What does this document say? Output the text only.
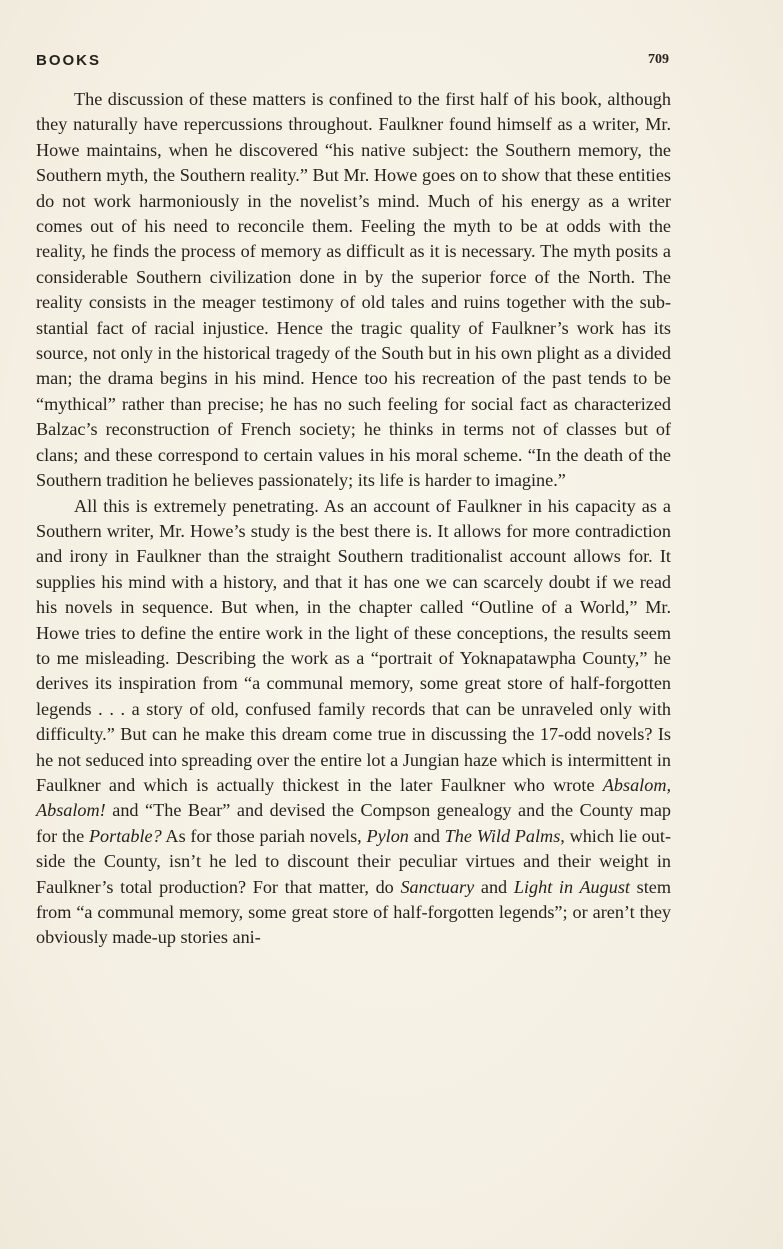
BOOKS	709

The discussion of these matters is confined to the first half of his book, although they naturally have repercussions throughout. Faulkner found himself as a writer, Mr. Howe maintains, when he discovered “his native subject: the Southern memory, the Southern myth, the Southern reality.” But Mr. Howe goes on to show that these entities do not work harmoniously in the novelist’s mind. Much of his energy as a writer comes out of his need to reconcile them. Feeling the myth to be at odds with the reality, he finds the process of memory as difficult as it is necessary. The myth posits a considerable Southern civilization done in by the superior force of the North. The reality consists in the meager testimony of old tales and ruins together with the substantial fact of racial injustice. Hence the tragic quality of Faulkner’s work has its source, not only in the historical tragedy of the South but in his own plight as a divided man; the drama begins in his mind. Hence too his recreation of the past tends to be “mythical” rather than precise; he has no such feeling for social fact as characterized Balzac’s reconstruction of French society; he thinks in terms not of classes but of clans; and these correspond to certain values in his moral scheme. “In the death of the Southern tradition he believes passionately; its life is harder to imagine.”

All this is extremely penetrating. As an account of Faulkner in his capacity as a Southern writer, Mr. Howe’s study is the best there is. It allows for more contradiction and irony in Faulkner than the straight Southern traditionalist account allows for. It supplies his mind with a history, and that it has one we can scarcely doubt if we read his novels in sequence. But when, in the chapter called “Outline of a World,” Mr. Howe tries to define the entire work in the light of these conceptions, the results seem to me misleading. Describing the work as a “portrait of Yoknapatawpha County,” he derives its inspiration from “a communal memory, some great store of half-forgotten legends . . . a story of old, confused family records that can be unraveled only with difficulty.” But can he make this dream come true in discussing the 17-odd novels? Is he not seduced into spreading over the entire lot a Jungian haze which is intermittent in Faulkner and which is actually thickest in the later Faulkner who wrote Absalom, Absalom! and “The Bear” and devised the Compson genealogy and the County map for the Portable? As for those pariah novels, Pylon and The Wild Palms, which lie outside the County, isn’t he led to discount their peculiar virtues and their weight in Faulkner’s total production? For that matter, do Sanctuary and Light in August stem from “a communal memory, some great store of half-forgotten legends”; or aren’t they obviously made-up stories ani-
